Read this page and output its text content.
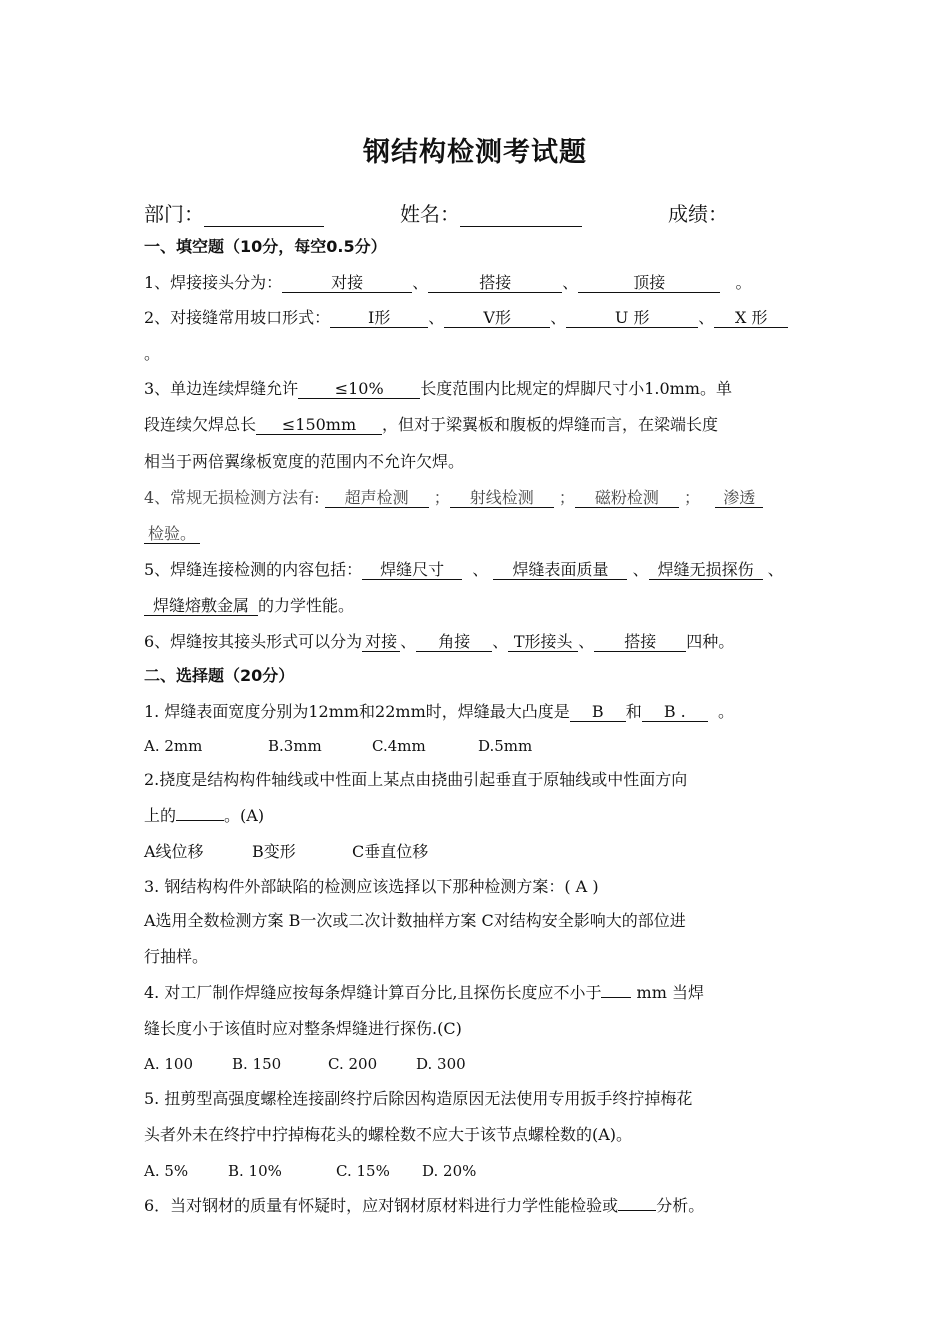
钢结构检测考试题
部门：	姓名：	成绩：
一、填空题（10分，每空0.5分）
1、焊接接头分为：	对接	、	搭接	、	顶接	。
2、对接缝常用坡口形式： I形 、 V形 、	U 形	、 X 形
。
3、单边连续焊缝允许 ≤10% 长度范围内比规定的焊脚尺寸小1.0mm。单
段连续欠焊总长 ≤150mm ，但对于梁翼板和腹板的焊缝而言，在梁端长度
相当于两倍翼缘板宽度的范围内不允许欠焊。
4、常规无损检测方法有: 超声检测 ； 射线检测 ； 磁粉检测 ； 渗透
检验。
5、焊缝连接检测的内容包括： 焊缝尺寸 、 焊缝表面质量 、 焊缝无损探伤 、
焊缝熔敷金属 的力学性能。
6、焊缝按其接头形式可以分为 对接 、 角接 、 T形接头 、 搭接 四种。
二、选择题（20分）
1. 焊缝表面宽度分别为12mm和22mm时，焊缝最大凸度是 B 和 B . 。
A. 2mm	B.3mm	C.4mm	D.5mm
2.挠度是结构构件轴线或中性面上某点由挠曲引起垂直于原轴线或中性面方向
上的	。(A)
A线位移	B变形	C垂直位移
3. 钢结构构件外部缺陷的检测应该选择以下那种检测方案：( A )
A选用全数检测方案 B一次或二次计数抽样方案 C对结构安全影响大的部位进
行抽样。
4. 对工厂制作焊缝应按每条焊缝计算百分比,且探伤长度应不小于 mm 当焊
缝长度小于该值时应对整条焊缝进行探伤.(C)
A. 100	B. 150	C. 200	D. 300
5. 扭剪型高强度螺栓连接副终拧后除因构造原因无法使用专用扳手终拧掉梅花
头者外未在终拧中拧掉梅花头的螺栓数不应大于该节点螺栓数的(A)。
A. 5%	B. 10%	C. 15% D. 20%
6．当对钢材的质量有怀疑时，应对钢材原材料进行力学性能检验或 分析。
